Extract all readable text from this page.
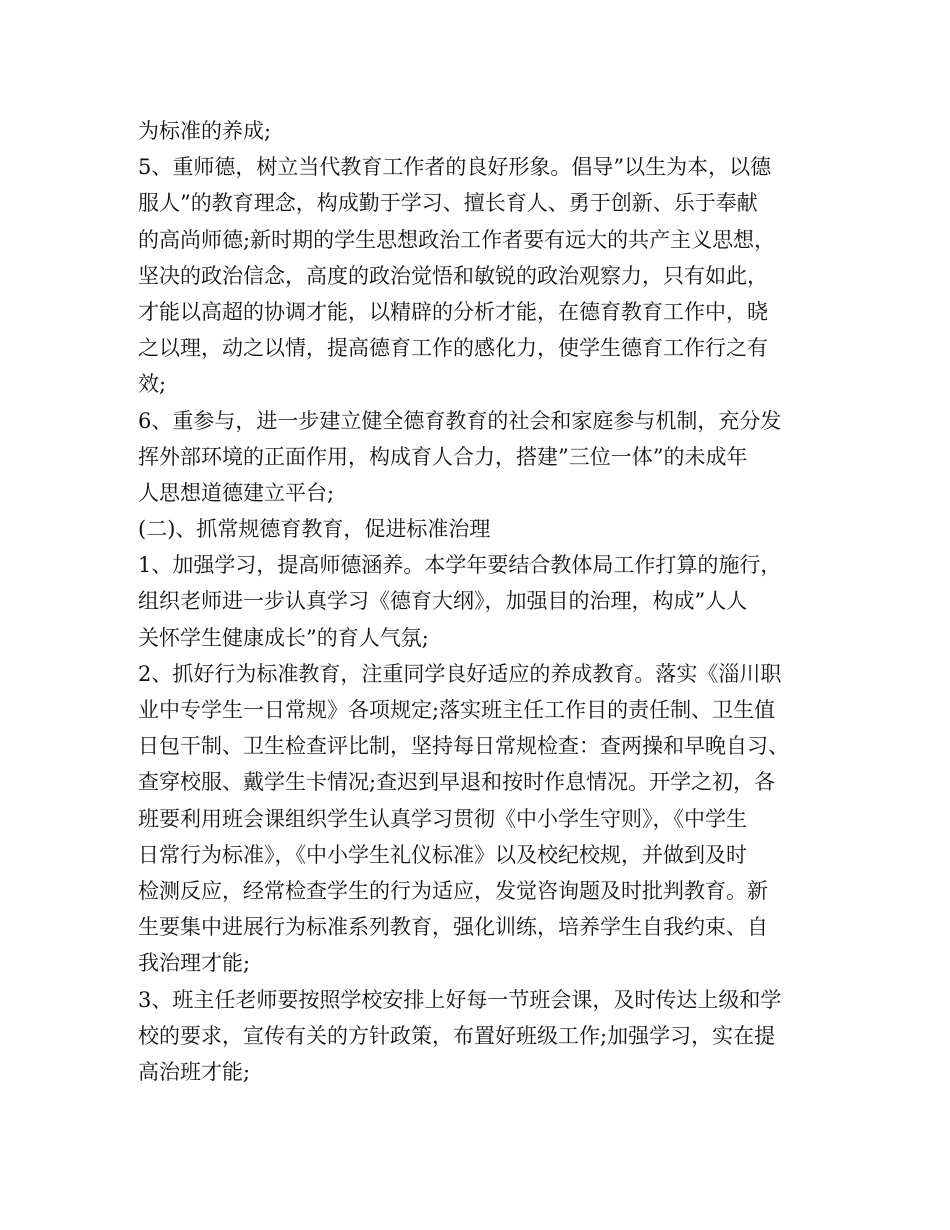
为标准的养成;
5、重师德，树立当代教育工作者的良好形象。倡导”以生为本，以德
服人”的教育理念，构成勤于学习、擅长育人、勇于创新、乐于奉献
的高尚师德;新时期的学生思想政治工作者要有远大的共产主义思想，
坚决的政治信念，高度的政治觉悟和敏锐的政治观察力，只有如此，
才能以高超的协调才能，以精辟的分析才能，在德育教育工作中，晓
之以理，动之以情，提高德育工作的感化力，使学生德育工作行之有
效;
6、重参与，进一步建立健全德育教育的社会和家庭参与机制，充分发
挥外部环境的正面作用，构成育人合力，搭建”三位一体”的未成年
人思想道德建立平台;
(二)、抓常规德育教育，促进标准治理
1、加强学习，提高师德涵养。本学年要结合教体局工作打算的施行，
组织老师进一步认真学习《德育大纲》，加强目的治理，构成”人人
关怀学生健康成长”的育人气氛;
2、抓好行为标准教育，注重同学良好适应的养成教育。落实《淄川职
业中专学生一日常规》各项规定;落实班主任工作目的责任制、卫生值
日包干制、卫生检查评比制，坚持每日常规检查：查两操和早晚自习、
查穿校服、戴学生卡情况;查迟到早退和按时作息情况。开学之初，各
班要利用班会课组织学生认真学习贯彻《中小学生守则》，《中学生
日常行为标准》，《中小学生礼仪标准》以及校纪校规，并做到及时
检测反应，经常检查学生的行为适应，发觉咨询题及时批判教育。新
生要集中进展行为标准系列教育，强化训练，培养学生自我约束、自
我治理才能;
3、班主任老师要按照学校安排上好每一节班会课，及时传达上级和学
校的要求，宣传有关的方针政策，布置好班级工作;加强学习，实在提
高治班才能;
